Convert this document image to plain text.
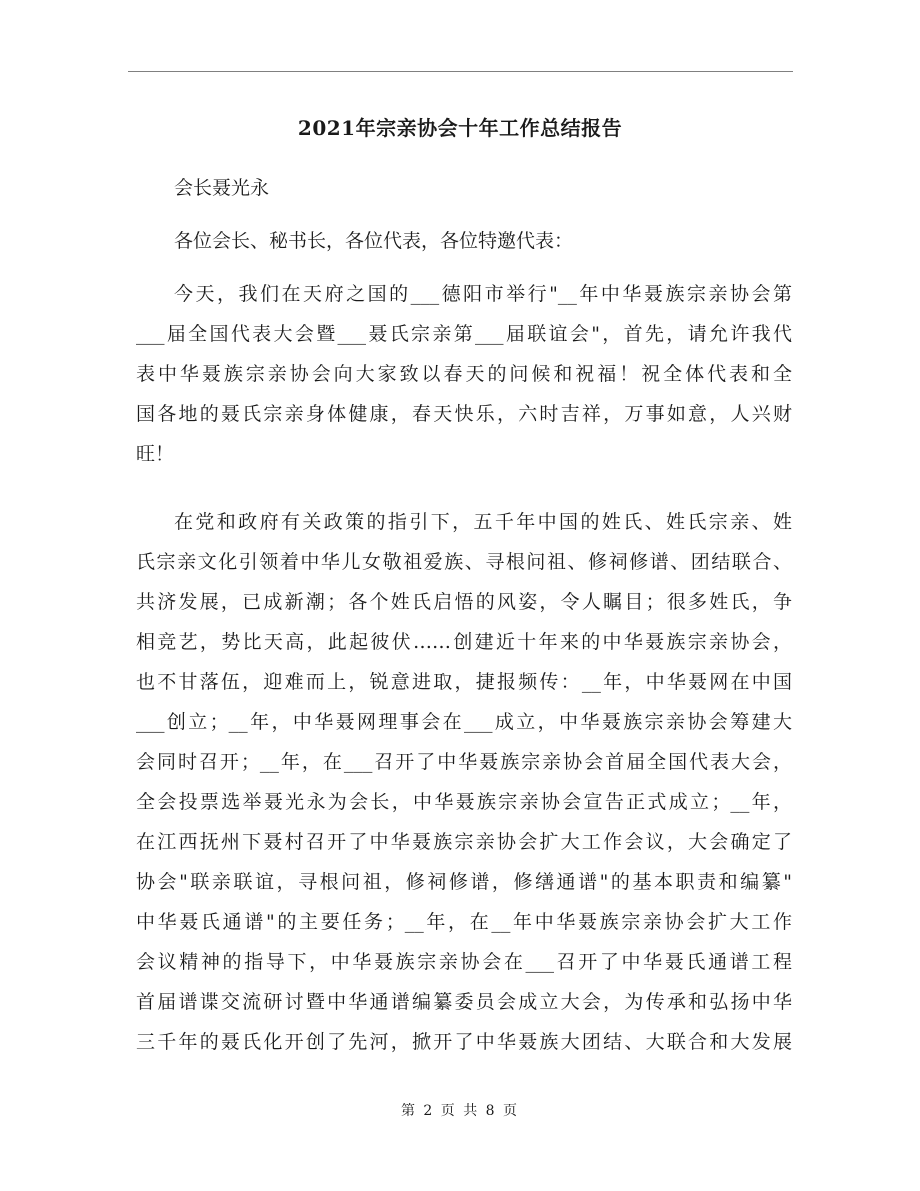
2021年宗亲协会十年工作总结报告
会长聂光永
各位会长、秘书长，各位代表，各位特邀代表：
今天，我们在天府之国的___德阳市举行"__年中华聂族宗亲协会第
___届全国代表大会暨___聂氏宗亲第___届联谊会"，首先，请允许我代
表中华聂族宗亲协会向大家致以春天的问候和祝福！祝全体代表和全
国各地的聂氏宗亲身体健康，春天快乐，六时吉祥，万事如意，人兴财
旺！
在党和政府有关政策的指引下，五千年中国的姓氏、姓氏宗亲、姓
氏宗亲文化引领着中华儿女敬祖爱族、寻根问祖、修祠修谱、团结联合、
共济发展，已成新潮；各个姓氏启悟的风姿，令人瞩目；很多姓氏，争
相竞艺，势比天高，此起彼伏……创建近十年来的中华聂族宗亲协会，
也不甘落伍，迎难而上，锐意进取，捷报频传：__年，中华聂网在中国
___创立；__年，中华聂网理事会在___成立，中华聂族宗亲协会筹建大
会同时召开；__年，在___召开了中华聂族宗亲协会首届全国代表大会，
全会投票选举聂光永为会长，中华聂族宗亲协会宣告正式成立；__年，
在江西抚州下聂村召开了中华聂族宗亲协会扩大工作会议，大会确定了
协会"联亲联谊，寻根问祖，修祠修谱，修缮通谱"的基本职责和编纂"
中华聂氏通谱"的主要任务；__年，在__年中华聂族宗亲协会扩大工作
会议精神的指导下，中华聂族宗亲协会在___召开了中华聂氏通谱工程
首届谱谍交流研讨暨中华通谱编纂委员会成立大会，为传承和弘扬中华
三千年的聂氏化开创了先河，掀开了中华聂族大团结、大联合和大发展
第 2 页 共 8 页
